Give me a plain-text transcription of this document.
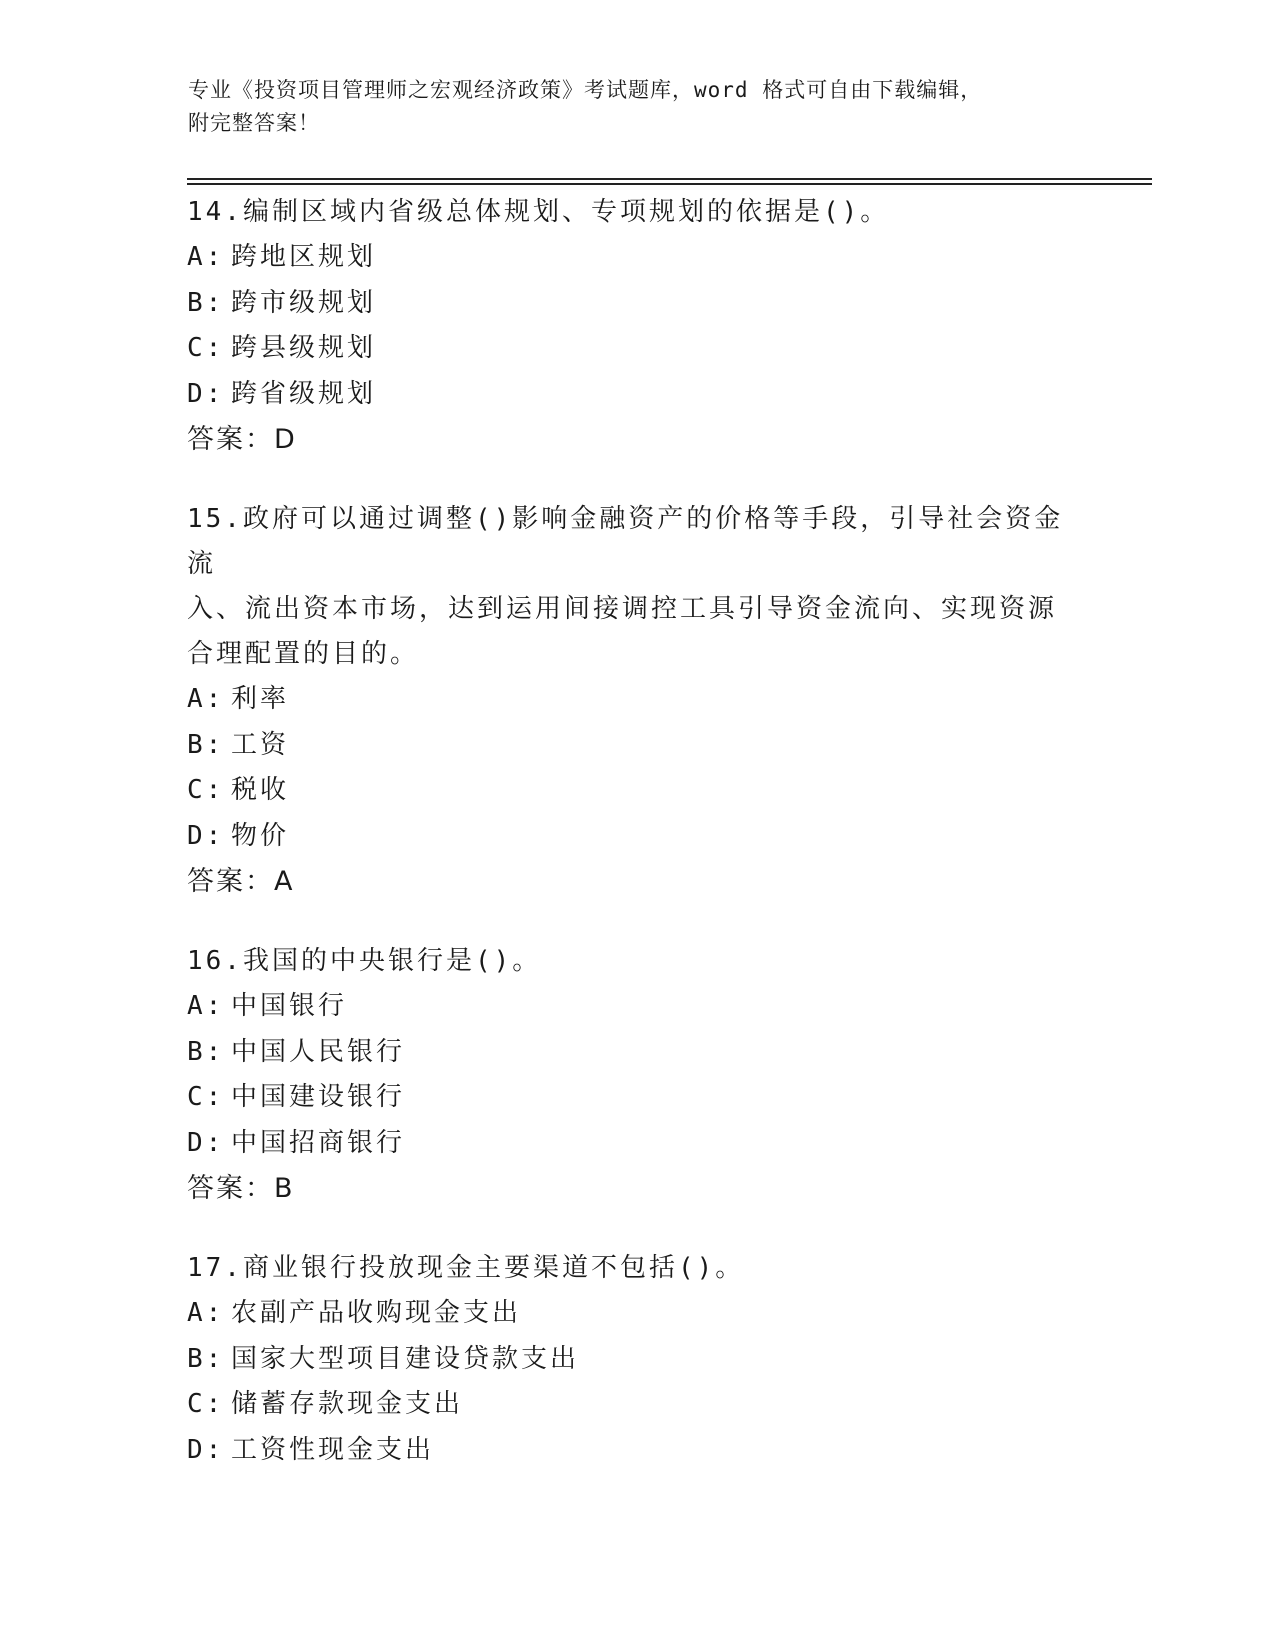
专业《投资项目管理师之宏观经济政策》考试题库，word 格式可自由下载编辑，
附完整答案！
14.编制区域内省级总体规划、专项规划的依据是()。
A: 跨地区规划
B: 跨市级规划
C: 跨县级规划
D: 跨省级规划
答案：D
15.政府可以通过调整()影响金融资产的价格等手段，引导社会资金流
入、流出资本市场，达到运用间接调控工具引导资金流向、实现资源
合理配置的目的。
A: 利率
B: 工资
C: 税收
D: 物价
答案：A
16.我国的中央银行是()。
A: 中国银行
B: 中国人民银行
C: 中国建设银行
D: 中国招商银行
答案：B
17.商业银行投放现金主要渠道不包括()。
A: 农副产品收购现金支出
B: 国家大型项目建设贷款支出
C: 储蓄存款现金支出
D: 工资性现金支出
